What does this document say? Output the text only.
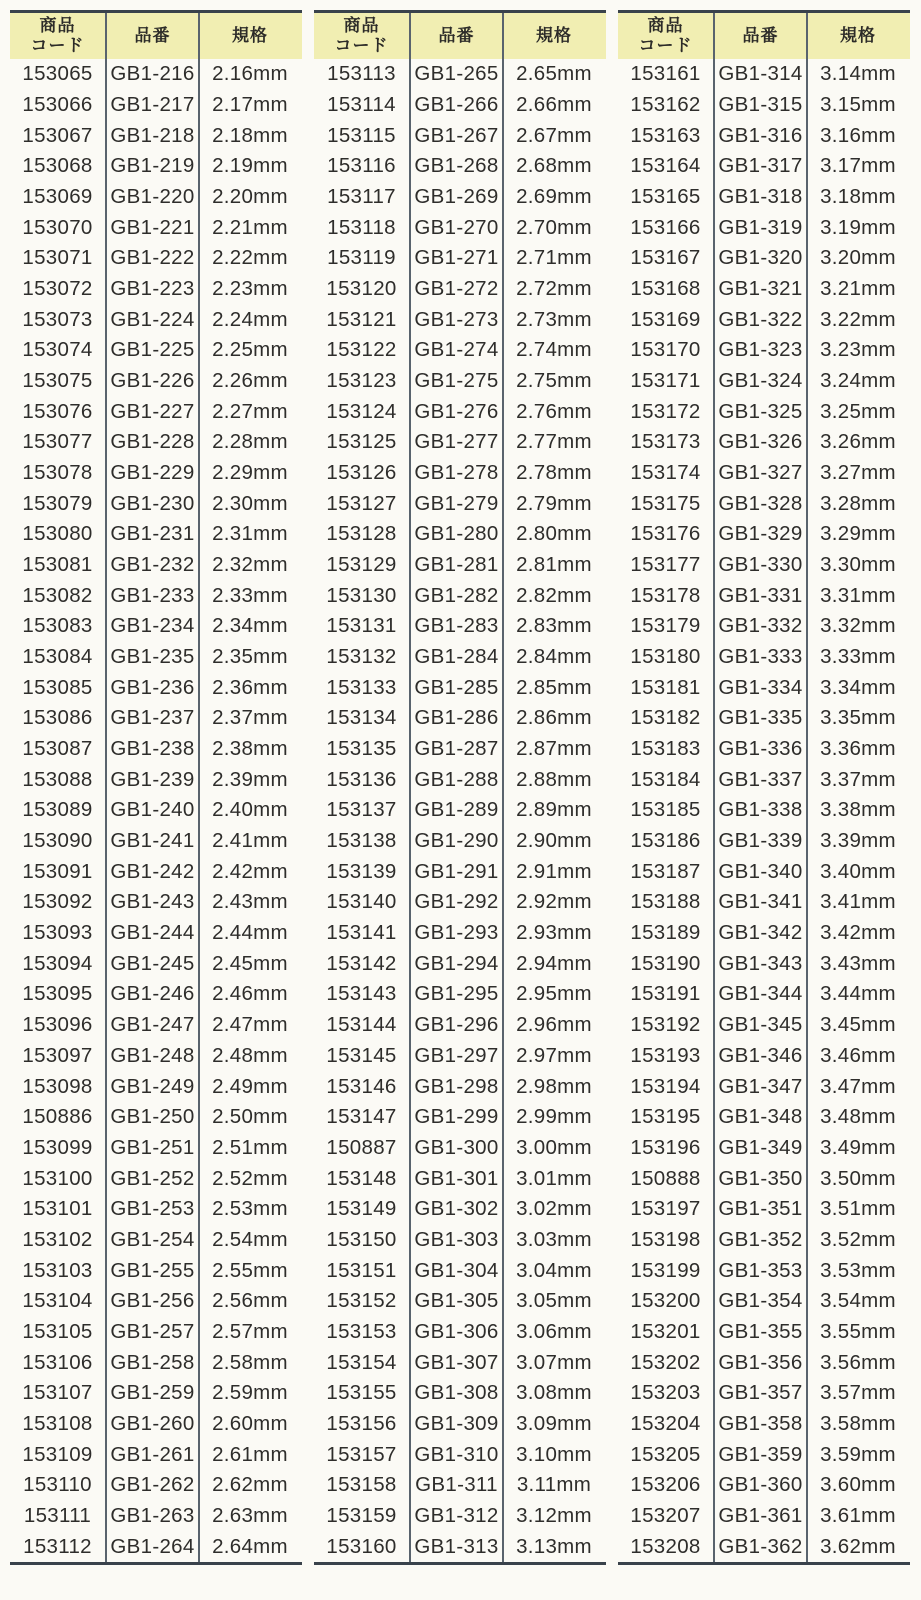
商品
コード
品番	規格
153065 GB1-216 2.16mm
153066 GB1-217 2.17mm
153067 GB1-218 2.18mm
153068 GB1-219 2.19mm
153069 GB1-220 2.20mm
153070 GB1-221 2.21mm
153071 GB1-222 2.22mm
153072 GB1-223 2.23mm
153073 GB1-224 2.24mm
153074 GB1-225 2.25mm
153075 GB1-226 2.26mm
153076 GB1-227 2.27mm
153077 GB1-228 2.28mm
153078 GB1-229 2.29mm
153079 GB1-230 2.30mm
153080 GB1-231 2.31mm
153081 GB1-232 2.32mm
153082 GB1-233 2.33mm
153083 GB1-234 2.34mm
153084 GB1-235 2.35mm
153085 GB1-236 2.36mm
153086 GB1-237 2.37mm
153087 GB1-238 2.38mm
153088 GB1-239 2.39mm
153089 GB1-240 2.40mm
153090 GB1-241 2.41mm
153091 GB1-242 2.42mm
153092 GB1-243 2.43mm
153093 GB1-244 2.44mm
153094 GB1-245 2.45mm
153095 GB1-246 2.46mm
153096 GB1-247 2.47mm
153097 GB1-248 2.48mm
153098 GB1-249 2.49mm
150886 GB1-250 2.50mm
153099 GB1-251 2.51mm
153100 GB1-252 2.52mm
153101 GB1-253 2.53mm
153102 GB1-254 2.54mm
153103 GB1-255 2.55mm
153104 GB1-256 2.56mm
153105 GB1-257 2.57mm
153106 GB1-258 2.58mm
153107 GB1-259 2.59mm
153108 GB1-260 2.60mm
153109 GB1-261 2.61mm
153110 GB1-262 2.62mm
153111 GB1-263 2.63mm
153112 GB1-264 2.64mm
商品
コード
品番	規格
153113 GB1-265 2.65mm
153114 GB1-266 2.66mm
153115 GB1-267 2.67mm
153116 GB1-268 2.68mm
153117 GB1-269 2.69mm
153118 GB1-270 2.70mm
153119 GB1-271 2.71mm
153120 GB1-272 2.72mm
153121 GB1-273 2.73mm
153122 GB1-274 2.74mm
153123 GB1-275 2.75mm
153124 GB1-276 2.76mm
153125 GB1-277 2.77mm
153126 GB1-278 2.78mm
153127 GB1-279 2.79mm
153128 GB1-280 2.80mm
153129 GB1-281 2.81mm
153130 GB1-282 2.82mm
153131 GB1-283 2.83mm
153132 GB1-284 2.84mm
153133 GB1-285 2.85mm
153134 GB1-286 2.86mm
153135 GB1-287 2.87mm
153136 GB1-288 2.88mm
153137 GB1-289 2.89mm
153138 GB1-290 2.90mm
153139 GB1-291 2.91mm
153140 GB1-292 2.92mm
153141 GB1-293 2.93mm
153142 GB1-294 2.94mm
153143 GB1-295 2.95mm
153144 GB1-296 2.96mm
153145 GB1-297 2.97mm
153146 GB1-298 2.98mm
153147 GB1-299 2.99mm
150887 GB1-300 3.00mm
153148 GB1-301 3.01mm
153149 GB1-302 3.02mm
153150 GB1-303 3.03mm
153151 GB1-304 3.04mm
153152 GB1-305 3.05mm
153153 GB1-306 3.06mm
153154 GB1-307 3.07mm
153155 GB1-308 3.08mm
153156 GB1-309 3.09mm
153157 GB1-310 3.10mm
153158 GB1-311 3.11mm
153159 GB1-312 3.12mm
153160 GB1-313 3.13mm
商品
コード
品番	規格
153161 GB1-314 3.14mm
153162 GB1-315 3.15mm
153163 GB1-316 3.16mm
153164 GB1-317 3.17mm
153165 GB1-318 3.18mm
153166 GB1-319 3.19mm
153167 GB1-320 3.20mm
153168 GB1-321 3.21mm
153169 GB1-322 3.22mm
153170 GB1-323 3.23mm
153171 GB1-324 3.24mm
153172 GB1-325 3.25mm
153173 GB1-326 3.26mm
153174 GB1-327 3.27mm
153175 GB1-328 3.28mm
153176 GB1-329 3.29mm
153177 GB1-330 3.30mm
153178 GB1-331 3.31mm
153179 GB1-332 3.32mm
153180 GB1-333 3.33mm
153181 GB1-334 3.34mm
153182 GB1-335 3.35mm
153183 GB1-336 3.36mm
153184 GB1-337 3.37mm
153185 GB1-338 3.38mm
153186 GB1-339 3.39mm
153187 GB1-340 3.40mm
153188 GB1-341 3.41mm
153189 GB1-342 3.42mm
153190 GB1-343 3.43mm
153191 GB1-344 3.44mm
153192 GB1-345 3.45mm
153193 GB1-346 3.46mm
153194 GB1-347 3.47mm
153195 GB1-348 3.48mm
153196 GB1-349 3.49mm
150888 GB1-350 3.50mm
153197 GB1-351 3.51mm
153198 GB1-352 3.52mm
153199 GB1-353 3.53mm
153200 GB1-354 3.54mm
153201 GB1-355 3.55mm
153202 GB1-356 3.56mm
153203 GB1-357 3.57mm
153204 GB1-358 3.58mm
153205 GB1-359 3.59mm
153206 GB1-360 3.60mm
153207 GB1-361 3.61mm
153208 GB1-362 3.62mm
